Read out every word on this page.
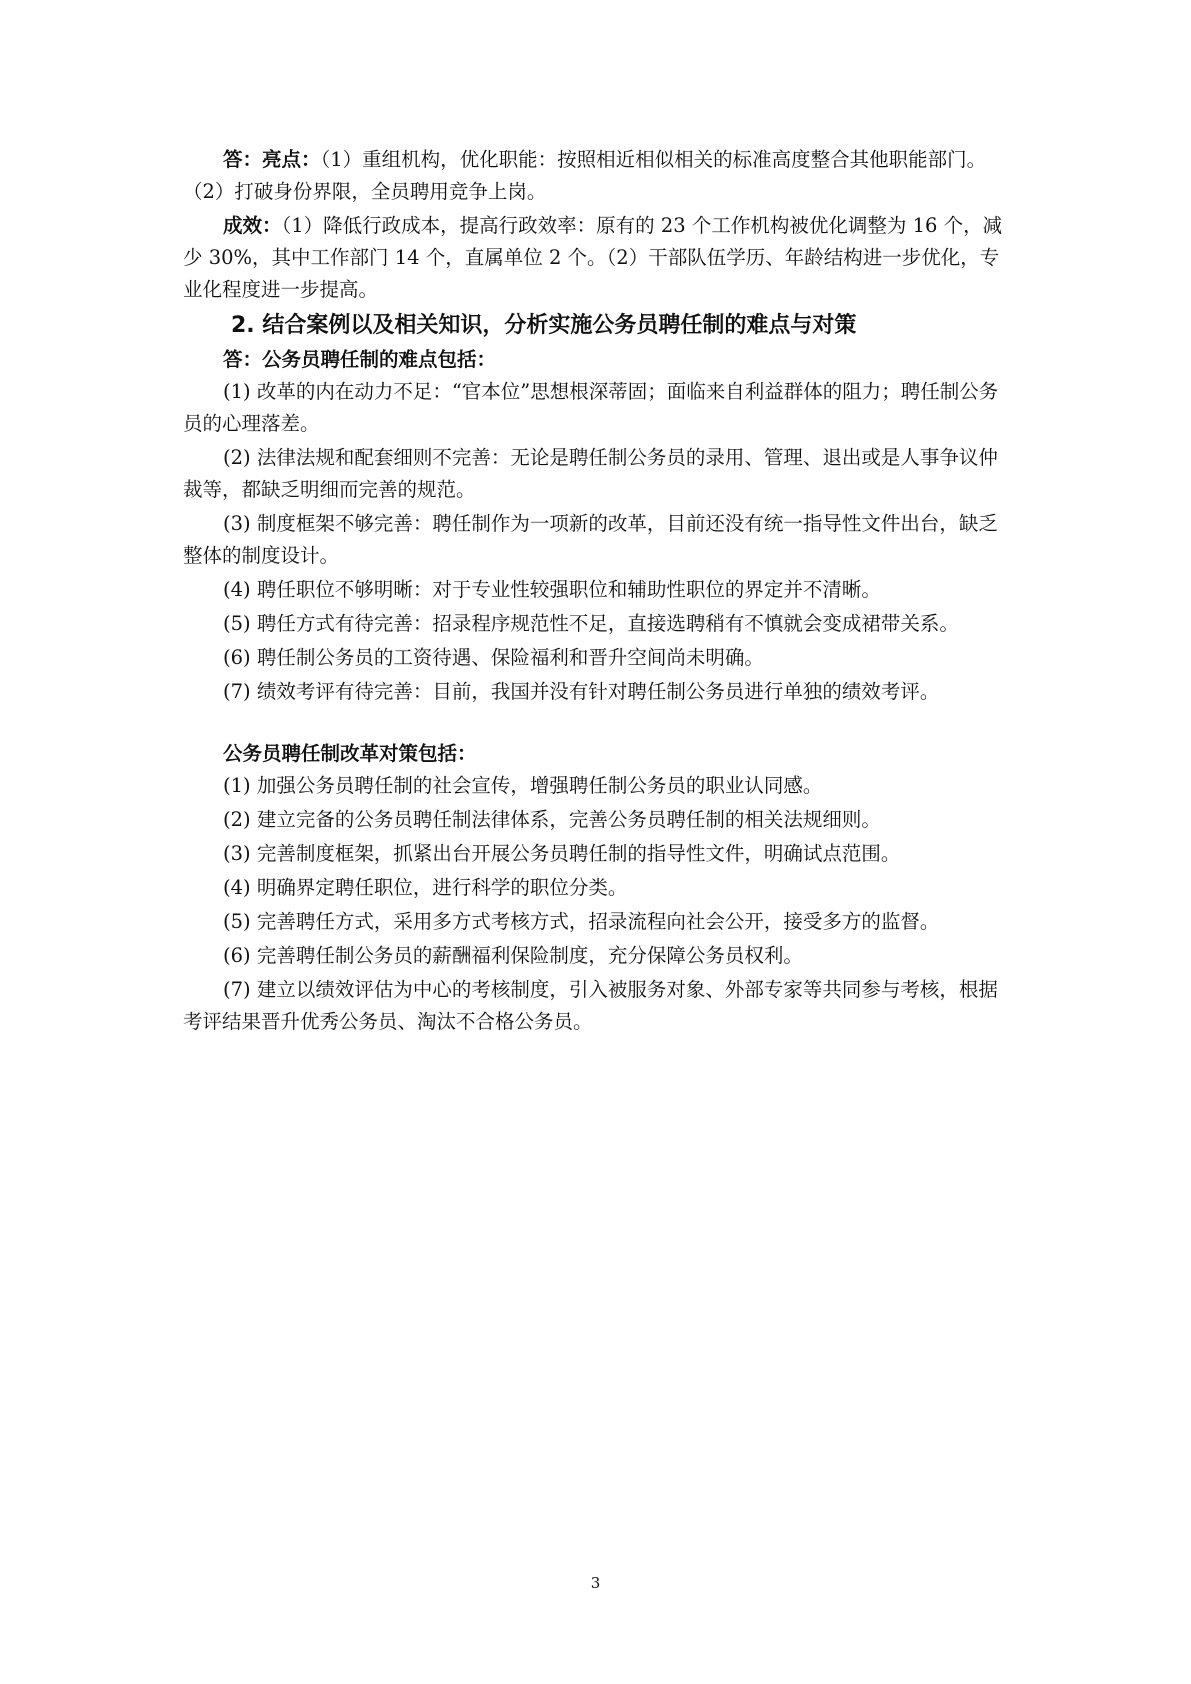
答：亮点：（1）重组机构，优化职能：按照相近相似相关的标准高度整合其他职能部门。（2）打破身份界限，全员聘用竞争上岗。

成效：（1）降低行政成本，提高行政效率：原有的 23 个工作机构被优化调整为 16 个，减少 30%，其中工作部门 14 个，直属单位 2 个。（2）干部队伍学历、年龄结构进一步优化，专业化程度进一步提高。

2. 结合案例以及相关知识，分析实施公务员聘任制的难点与对策

答：公务员聘任制的难点包括：

(1) 改革的内在动力不足：“官本位”思想根深蒂固；面临来自利益群体的阻力；聘任制公务员的心理落差。

(2) 法律法规和配套细则不完善：无论是聘任制公务员的录用、管理、退出或是人事争议仲裁等，都缺乏明细而完善的规范。

(3) 制度框架不够完善：聘任制作为一项新的改革，目前还没有统一指导性文件出台，缺乏整体的制度设计。

(4) 聘任职位不够明晰：对于专业性较强职位和辅助性职位的界定并不清晰。

(5) 聘任方式有待完善：招录程序规范性不足，直接选聘稍有不慎就会变成裙带关系。

(6) 聘任制公务员的工资待遇、保险福利和晋升空间尚未明确。

(7) 绩效考评有待完善：目前，我国并没有针对聘任制公务员进行单独的绩效考评。

公务员聘任制改革对策包括：

(1) 加强公务员聘任制的社会宣传，增强聘任制公务员的职业认同感。

(2) 建立完备的公务员聘任制法律体系，完善公务员聘任制的相关法规细则。

(3) 完善制度框架，抓紧出台开展公务员聘任制的指导性文件，明确试点范围。

(4) 明确界定聘任职位，进行科学的职位分类。

(5) 完善聘任方式，采用多方式考核方式，招录流程向社会公开，接受多方的监督。

(6) 完善聘任制公务员的薪酬福利保险制度，充分保障公务员权利。

(7) 建立以绩效评估为中心的考核制度，引入被服务对象、外部专家等共同参与考核，根据考评结果晋升优秀公务员、淘汰不合格公务员。

3
